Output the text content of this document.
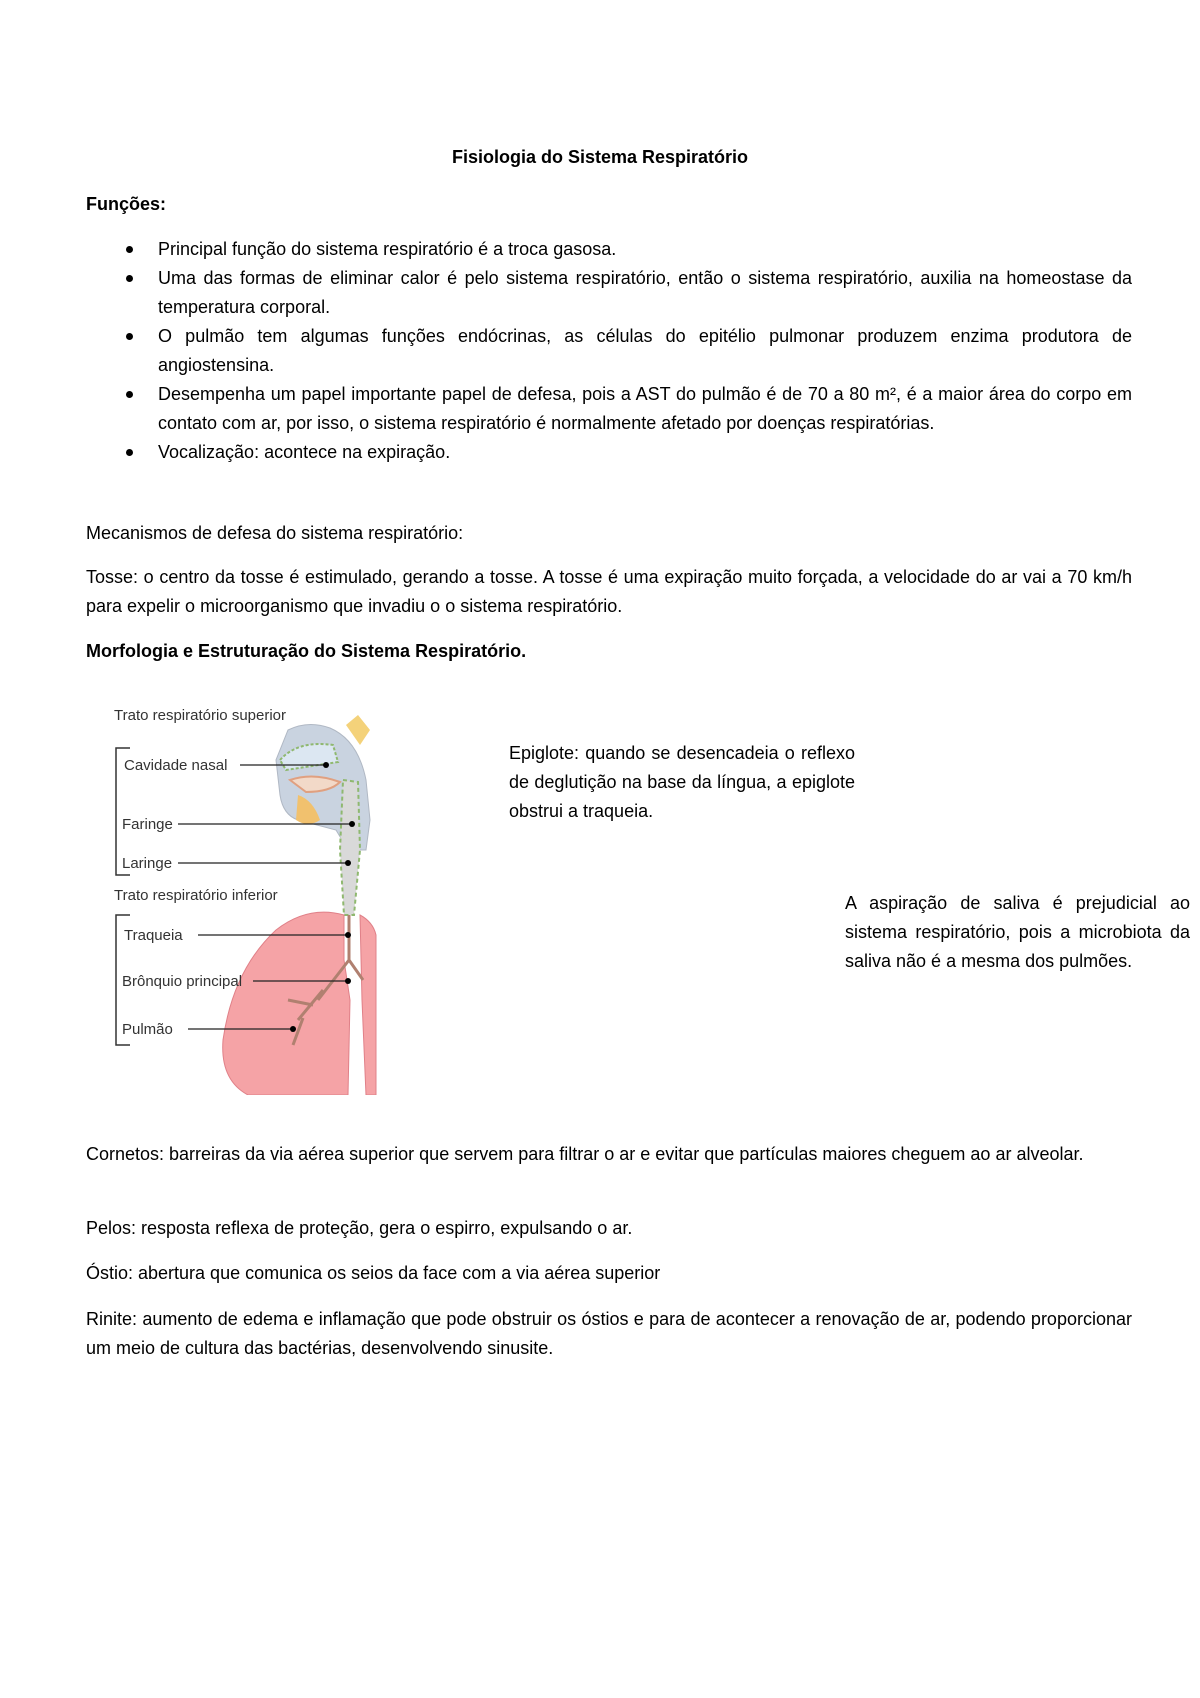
Fisiologia do Sistema Respiratório
Funções:
Principal função do sistema respiratório é a troca gasosa.
Uma das formas de eliminar calor é pelo sistema respiratório, então o sistema respiratório, auxilia na homeostase da temperatura corporal.
O pulmão tem algumas funções endócrinas, as células do epitélio pulmonar produzem enzima produtora de angiostensina.
Desempenha um papel importante papel de defesa, pois a AST do pulmão é de 70 a 80 m², é a maior área do corpo em contato com ar, por isso, o sistema respiratório é normalmente afetado por doenças respiratórias.
Vocalização: acontece na expiração.
Mecanismos de defesa do sistema respiratório:
Tosse: o centro da tosse é estimulado, gerando a tosse. A tosse é uma expiração muito forçada, a velocidade do ar vai a 70 km/h para expelir o microorganismo que invadiu o o sistema respiratório.
Morfologia e Estruturação do Sistema Respiratório.
Trato respiratório superior
Cavidade nasal
Faringe
Laringe
Trato respiratório inferior
Traqueia
Brônquio principal
Pulmão
Epiglote: quando se desencadeia o reflexo de deglutição na base da língua, a epiglote obstrui a traqueia.
A aspiração de saliva é prejudicial ao sistema respiratório, pois a microbiota da saliva não é a mesma dos pulmões.
Cornetos: barreiras da via aérea superior que servem para filtrar o ar e evitar que partículas maiores cheguem ao ar alveolar.
Pelos: resposta reflexa de proteção, gera o espirro, expulsando o ar.
Óstio: abertura que comunica os seios da face com a via aérea superior
Rinite: aumento de edema e inflamação que pode obstruir os óstios e para de acontecer a renovação de ar, podendo proporcionar um meio de cultura das bactérias, desenvolvendo sinusite.
